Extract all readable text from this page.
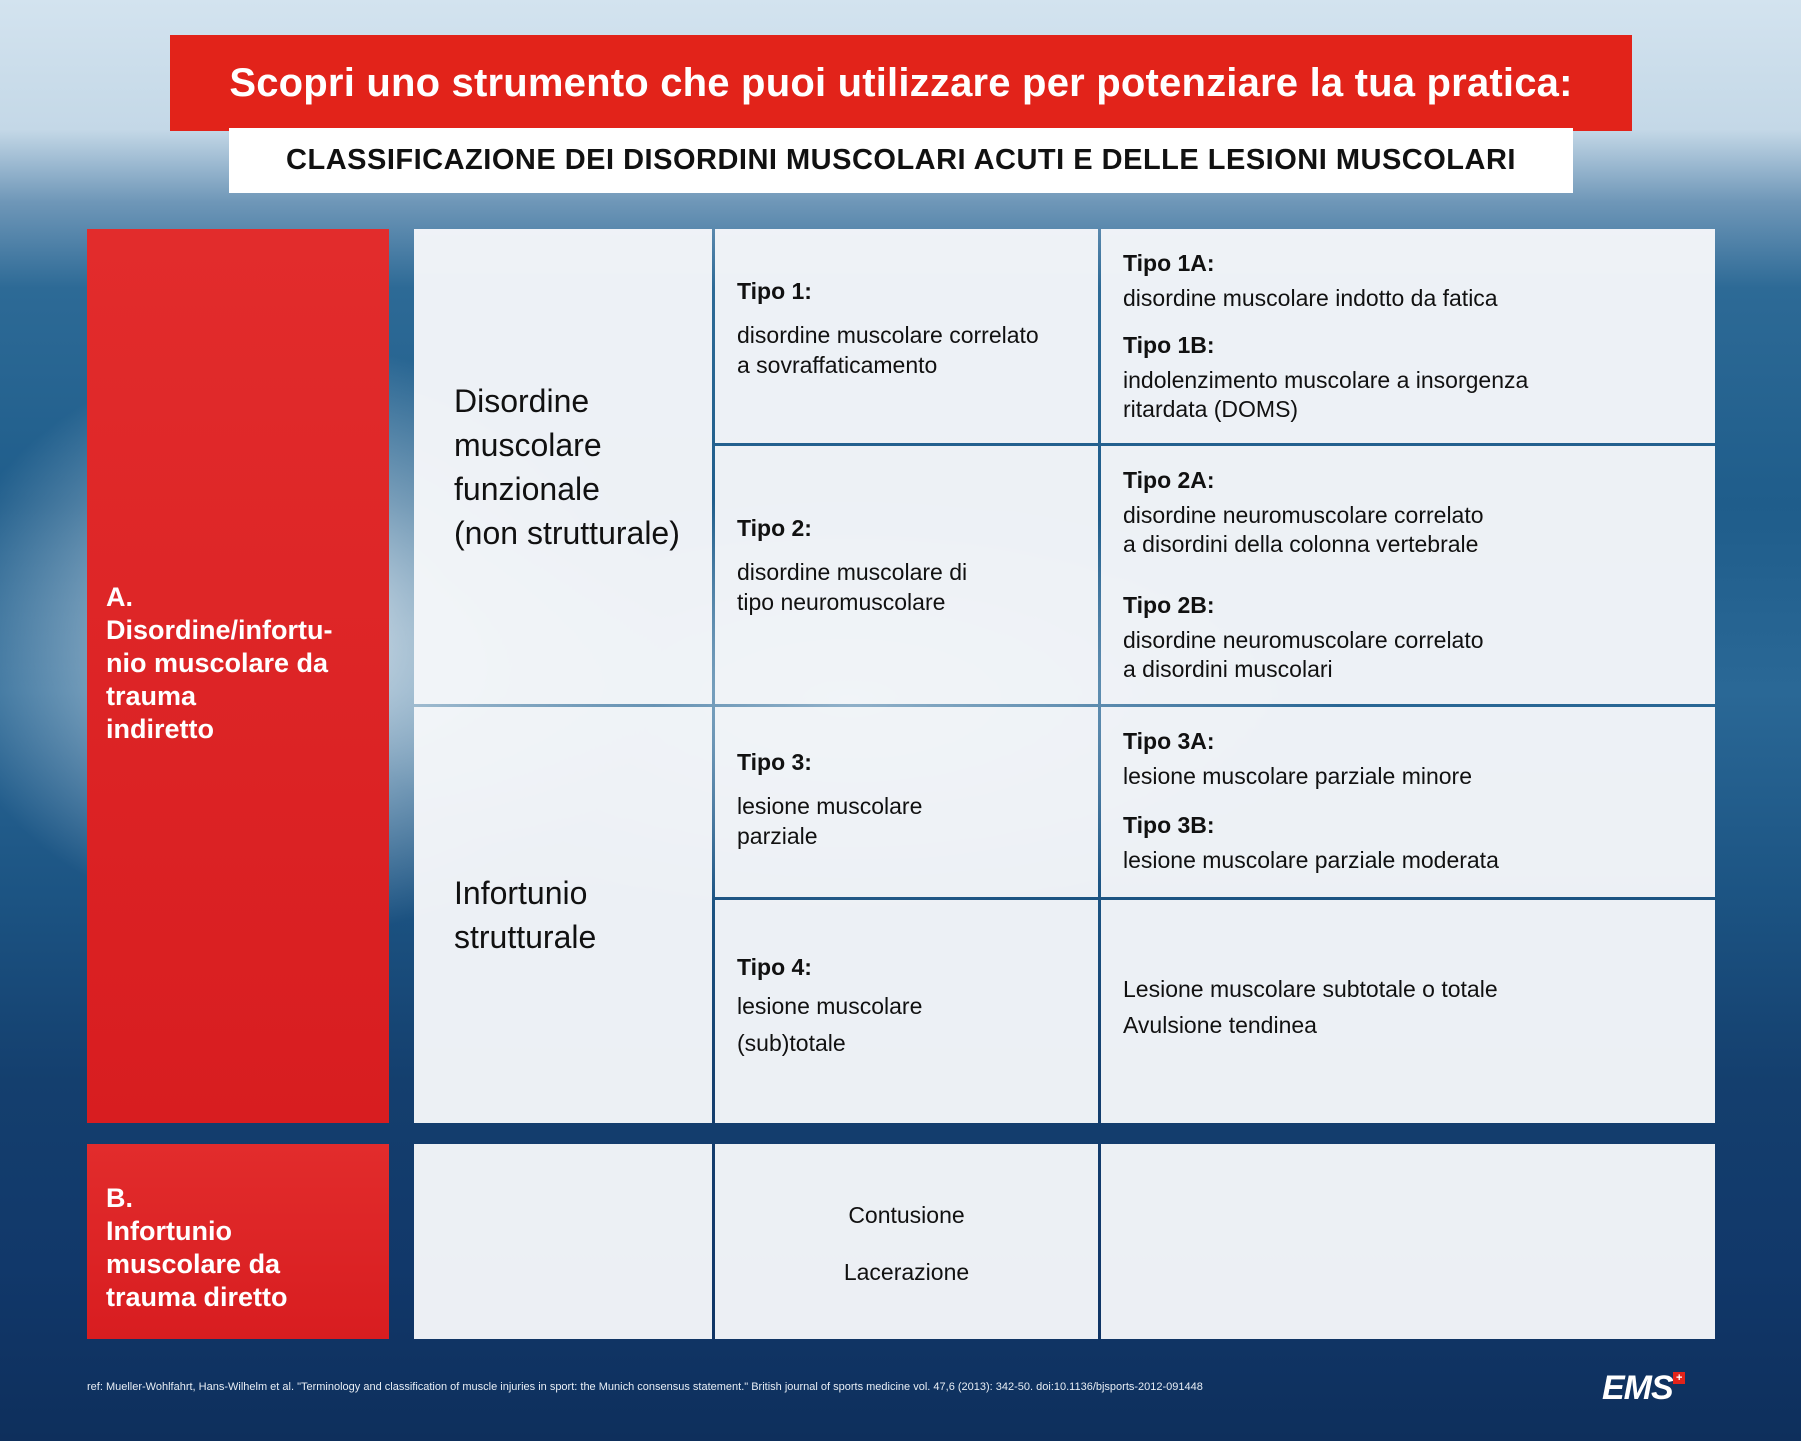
Scopri uno strumento che puoi utilizzare per potenziare la tua pratica:
CLASSIFICAZIONE DEI DISORDINI MUSCOLARI ACUTI E DELLE LESIONI MUSCOLARI
A.
Disordine/infortu-
nio muscolare da
trauma
indiretto
Disordine
muscolare
funzionale
(non strutturale)
Infortunio
strutturale
Tipo 1:
disordine muscolare correlato
a sovraffaticamento
Tipo 2:
disordine muscolare di
tipo neuromuscolare
Tipo 3:
lesione muscolare
parziale
Tipo 4:
lesione muscolare
(sub)totale
Tipo 1A:
disordine muscolare indotto da fatica
Tipo 1B:
indolenzimento muscolare a insorgenza
ritardata (DOMS)
Tipo 2A:
disordine neuromuscolare correlato
a disordini della colonna vertebrale
Tipo 2B:
disordine neuromuscolare correlato
a disordini muscolari
Tipo 3A:
lesione muscolare parziale minore
Tipo 3B:
lesione muscolare parziale moderata
Lesione muscolare subtotale o totale
Avulsione tendinea
B.
Infortunio
muscolare da
trauma diretto
Contusione
Lacerazione
ref: Mueller-Wohlfahrt, Hans-Wilhelm et al. "Terminology and classification of muscle injuries in sport: the Munich consensus statement." British journal of sports medicine vol. 47,6 (2013): 342-50. doi:10.1136/bjsports-2012-091448	EMS +
